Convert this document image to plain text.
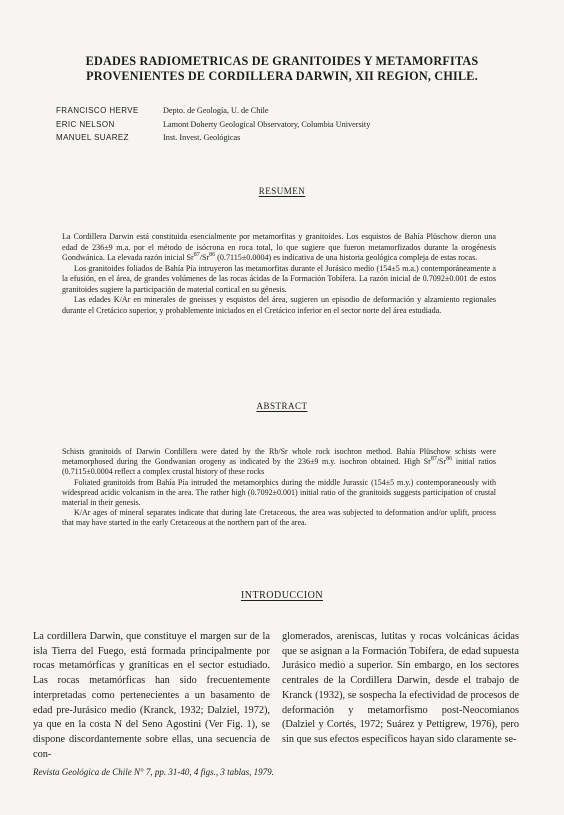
EDADES RADIOMETRICAS DE GRANITOIDES Y METAMORFITAS
PROVENIENTES DE CORDILLERA DARWIN, XII REGION, CHILE.
FRANCISCO HERVE	Depto. de Geología, U. de Chile
ERIC NELSON	Lamont Doherty Geological Observatory, Columbia University
MANUEL SUAREZ	Inst. Invest. Geológicas
RESUMEN

La Cordillera Darwin está constituida esencialmente por metamorfitas y granitoides. Los esquistos de Bahía Plüschow dieron una edad de 236±9 m.a. por el método de isócrona en roca total, lo que sugiere que fueron metamorfizados durante la orogénesis Gondwánica. La elevada razón inicial Sr$^{87}$/Sr$^{86}$ (0.7115±0.0004) es indicativa de una historia geológica compleja de estas rocas.

Los granitoides foliados de Bahía Pía intruyeron las metamorfitas durante el Jurásico medio (154±5 m.a.) contemporáneamente a la efusión, en el área, de grandes volúmenes de las rocas ácidas de la Formación Tobífera. La razón inicial de 0.7092±0.001 de estos granitoides sugiere la participación de material cortical en su génesis.

Las edades K/Ar en minerales de gneisses y esquistos del área, sugieren un episodio de deformación y alzamiento regionales durante el Cretácico superior, y probablemente iniciados en el Cretácico inferior en el sector norte del área estudiada.

ABSTRACT

Schists granitoids of Darwin Cordillera were dated by the Rb/Sr whole rock isochron method. Bahía Plüschow schists were metamorphosed during the Gondwanian orogeny as indicated by the 236±9 m.y. isochron obtained. High Sr$^{87}$/Sr$^{86}$ initial ratios (0.7115±0.0004 reflect a complex crustal history of these rocks

Foliated granitoids from Bahía Pía intruded the metamorphics during the middle Jurassic (154±5 m.y.) contemporaneously with widespread acidic volcanism in the area. The rather high (0.7092±0.001) initial ratio of the granitoids suggests participation of crustal material in their genesis.

K/Ar ages of mineral separates indicate that during late Cretaceous, the area was subjected to deformation and/or uplift, process that may have started in the early Cretaceous at the northern part of the area.

INTRODUCCION

La cordillera Darwin, que constituye el margen sur de la isla Tierra del Fuego, está formada principalmente por rocas metamórficas y graníticas en el sector estudiado. Las rocas metamórficas han sido frecuentemente interpretadas como pertenecientes a un basamento de edad pre-Jurásico medio (Kranck, 1932; Dalziel, 1972), ya que en la costa N del Seno Agostini (Ver Fig. 1), se dispone discordantemente sobre ellas, una secuencia de con-

glomerados, areniscas, lutitas y rocas volcánicas ácidas que se asignan a la Formación Tobífera, de edad supuesta Jurásico medio a superior. Sin embargo, en los sectores centrales de la Cordillera Darwin, desde el trabajo de Kranck (1932), se sospecha la efectividad de procesos de deformación y metamorfismo post-Neocomianos (Dalziel y Cortés, 1972; Suárez y Pettigrew, 1976), pero sin que sus efectos específicos hayan sido claramente se-

Revista Geológica de Chile N° 7, pp. 31-40, 4 figs., 3 tablas, 1979.
